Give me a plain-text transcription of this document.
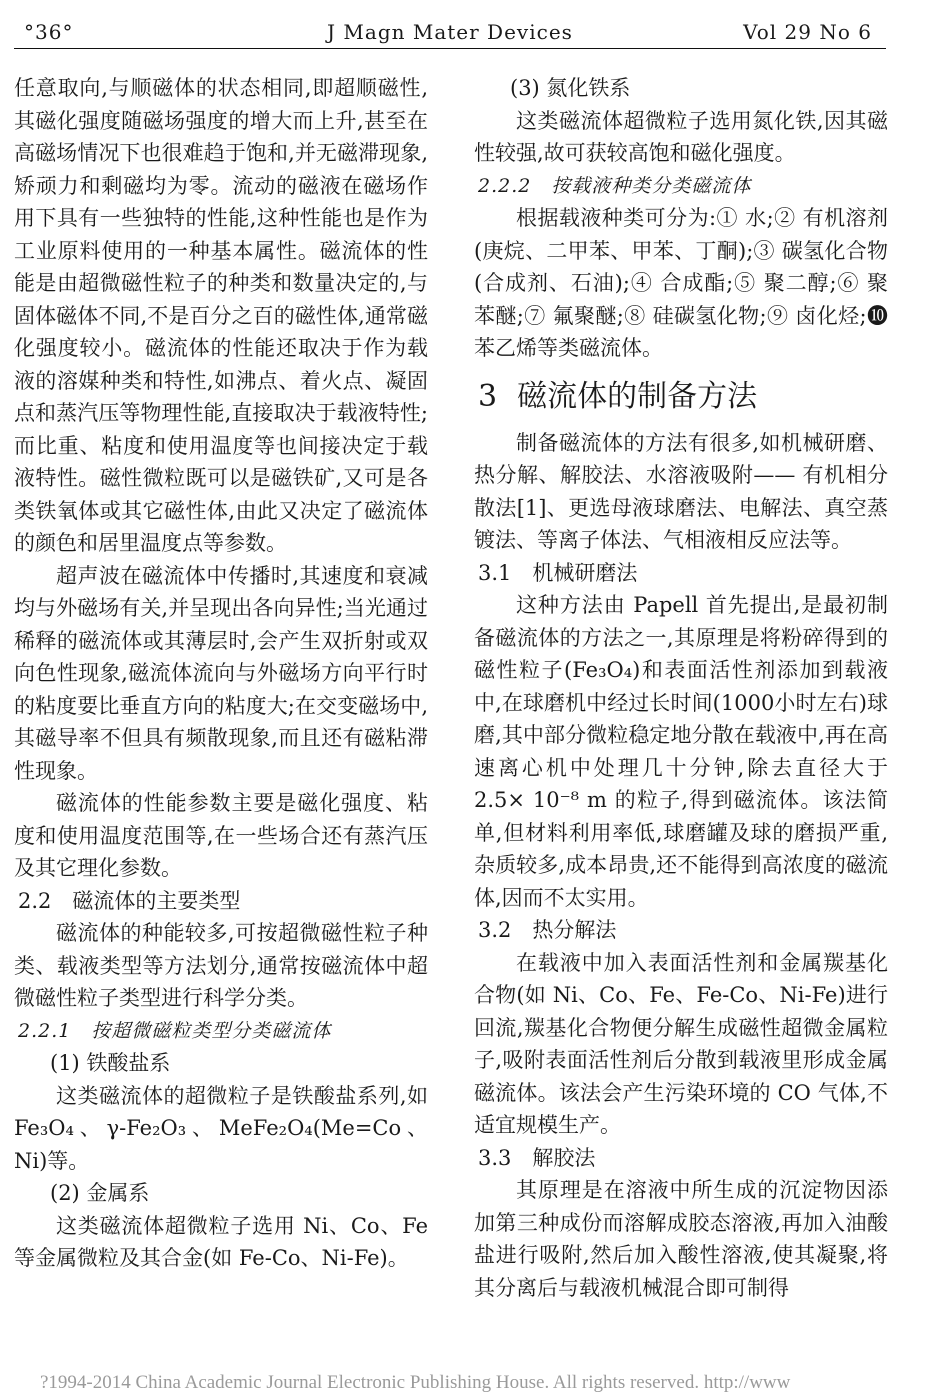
°36°	J Magn Mater Devices	Vol 29 No 6

任意取向,与顺磁体的状态相同,即超顺磁性,其磁化强度随磁场强度的增大而上升,甚至在高磁场情况下也很难趋于饱和,并无磁滞现象,矫顽力和剩磁均为零。流动的磁液在磁场作用下具有一些独特的性能,这种性能也是作为工业原料使用的一种基本属性。磁流体的性能是由超微磁性粒子的种类和数量决定的,与固体磁体不同,不是百分之百的磁性体,通常磁化强度较小。磁流体的性能还取决于作为载液的溶媒种类和特性,如沸点、着火点、凝固点和蒸汽压等物理性能,直接取决于载液特性;而比重、粘度和使用温度等也间接决定于载液特性。磁性微粒既可以是磁铁矿,又可是各类铁氧体或其它磁性体,由此又决定了磁流体的颜色和居里温度点等参数。

超声波在磁流体中传播时,其速度和衰减均与外磁场有关,并呈现出各向异性;当光通过稀释的磁流体或其薄层时,会产生双折射或双向色性现象,磁流体流向与外磁场方向平行时的粘度要比垂直方向的粘度大;在交变磁场中,其磁导率不但具有频散现象,而且还有磁粘滞性现象。

磁流体的性能参数主要是磁化强度、粘度和使用温度范围等,在一些场合还有蒸汽压及其它理化参数。

2.2　磁流体的主要类型

磁流体的种能较多,可按超微磁性粒子种类、载液类型等方法划分,通常按磁流体中超微磁性粒子类型进行科学分类。

2.2.1　按超微磁粒类型分类磁流体

(1) 铁酸盐系

这类磁流体的超微粒子是铁酸盐系列,如 Fe₃O₄、γ-Fe₂O₃、MeFe₂O₄(Me=Co、Ni)等。

(2) 金属系

这类磁流体超微粒子选用 Ni、Co、Fe 等金属微粒及其合金(如 Fe-Co、Ni-Fe)。

(3) 氮化铁系

这类磁流体超微粒子选用氮化铁,因其磁性较强,故可获较高饱和磁化强度。

2.2.2　按载液种类分类磁流体

根据载液种类可分为:① 水;② 有机溶剂(庚烷、二甲苯、甲苯、丁酮);③ 碳氢化合物(合成剂、石油);④ 合成酯;⑤ 聚二醇;⑥ 聚苯醚;⑦ 氟聚醚;⑧ 硅碳氢化物;⑨ 卤化烃;❿苯乙烯等类磁流体。

3 磁流体的制备方法

制备磁流体的方法有很多,如机械研磨、热分解、解胶法、水溶液吸附—— 有机相分散法[1]、更选母液球磨法、电解法、真空蒸镀法、等离子体法、气相液相反应法等。

3.1　机械研磨法

这种方法由 Papell 首先提出,是最初制备磁流体的方法之一,其原理是将粉碎得到的磁性粒子(Fe₃O₄)和表面活性剂添加到载液中,在球磨机中经过长时间(1000小时左右)球磨,其中部分微粒稳定地分散在载液中,再在高速离心机中处理几十分钟,除去直径大于 2.5× 10⁻⁸ m 的粒子,得到磁流体。该法简单,但材料利用率低,球磨罐及球的磨损严重,杂质较多,成本昂贵,还不能得到高浓度的磁流体,因而不太实用。

3.2　热分解法

在载液中加入表面活性剂和金属羰基化合物(如 Ni、Co、Fe、Fe-Co、Ni-Fe)进行回流,羰基化合物便分解生成磁性超微金属粒子,吸附表面活性剂后分散到载液里形成金属磁流体。该法会产生污染环境的 CO 气体,不适宜规模生产。

3.3　解胶法

其原理是在溶液中所生成的沉淀物因添加第三种成份而溶解成胶态溶液,再加入油酸盐进行吸附,然后加入酸性溶液,使其凝聚,将其分离后与载液机械混合即可制得

?1994-2014 China Academic Journal Electronic Publishing House. All rights reserved. http://www
